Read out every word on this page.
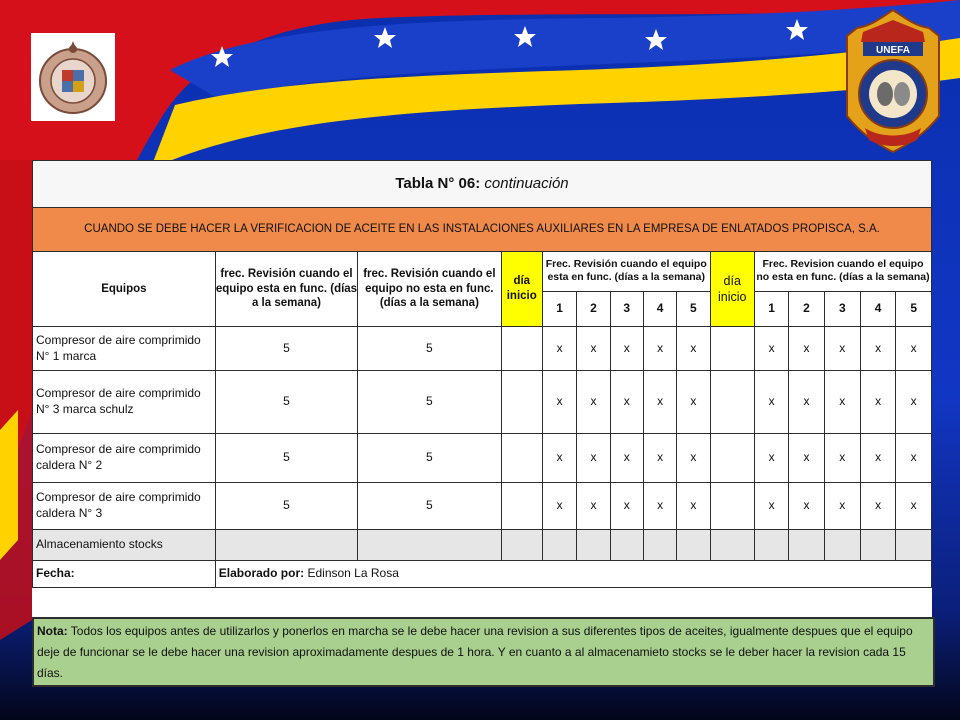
UNEFA
Tabla N° 06: continuación														
CUANDO SE DEBE HACER LA VERIFICACION DE ACEITE EN LAS INSTALACIONES AUXILIARES EN LA EMPRESA DE ENLATADOS PROPISCA, S.A.														
Equipos	frec. Revisión cuando el equipo esta en func. (días a la semana)	frec. Revisión cuando el equipo no esta en func. (días a la semana)	día inicio	Frec. Revisión cuando el equipo esta en func. (días a la semana)					día inicio	Frec. Revision cuando el equipo no esta en func. (días a la semana)				
				1	2	3	4	5		1	2	3	4	5
Compresor de aire comprimido N° 1 marca	5	5		x	x	x	x	x		x	x	x	x	x
Compresor de aire comprimido N° 3 marca schulz	5	5		x	x	x	x	x		x	x	x	x	x
Compresor de aire comprimido caldera N° 2	5	5		x	x	x	x	x		x	x	x	x	x
Compresor de aire comprimido caldera N° 3	5	5		x	x	x	x	x		x	x	x	x	x
Almacenamiento stocks														
Fecha:	Elaborado por: Edinson La Rosa													
Nota: Todos los equipos antes de utilizarlos y ponerlos en marcha se le debe hacer una revision a sus diferentes tipos de aceites, igualmente despues que el equipo deje de funcionar se le debe hacer una revision aproximadamente despues de 1 hora. Y en cuanto a al almacenamieto stocks se le deber hacer la revision cada 15 días.
